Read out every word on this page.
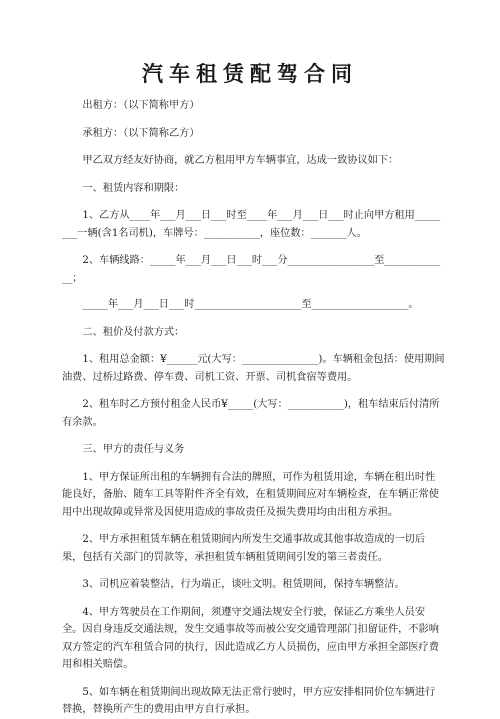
汽车租赁配驾合同

出租方：（以下简称甲方）

承租方：（以下简称乙方）

甲乙双方经友好协商，就乙方租用甲方车辆事宜，达成一致协议如下：

一、租赁内容和期限：

1、乙方从____年___月___日___时至____年___月___日___时止向甲方租用________一辆(含1名司机)，车牌号：___________，座位数：_______人。

2、车辆线路：_____年___月___日___时___分_________________至_____________；

_____年___月___日___时_____________________至___________________。

二、租价及付款方式：

1、租用总金额：¥______元(大写：_______________)。车辆租金包括：使用期间油费、过桥过路费、停车费、司机工资、开票、司机食宿等费用。

2、租车时乙方预付租金人民币¥_____(大写：___________)，租车结束后付清所有余款。

三、甲方的责任与义务

1、甲方保证所出租的车辆拥有合法的牌照，可作为租赁用途，车辆在租出时性能良好，备胎、随车工具等附件齐全有效，在租赁期间应对车辆检查，在车辆正常使用中出现故障或异常及因使用造成的事故责任及损失费用均由出租方承担。

2、甲方承担租赁车辆在租赁期间内所发生交通事故或其他事故造成的一切后果，包括有关部门的罚款等，承担租赁车辆租赁期间引发的第三者责任。

3、司机应着装整洁，行为端正，谈吐文明。租赁期间，保持车辆整洁。

4、甲方驾驶员在工作期间，须遵守交通法规安全行驶，保证乙方乘坐人员安全。因自身违反交通法规，发生交通事故等而被公安交通管理部门扣留证件，不影响双方签定的汽车租赁合同的执行，因此造成乙方人员损伤，应由甲方承担全部医疗费用和相关赔偿。

5、如车辆在租赁期间出现故障无法正常行驶时，甲方应安排相同价位车辆进行替换，替换所产生的费用由甲方自行承担。
